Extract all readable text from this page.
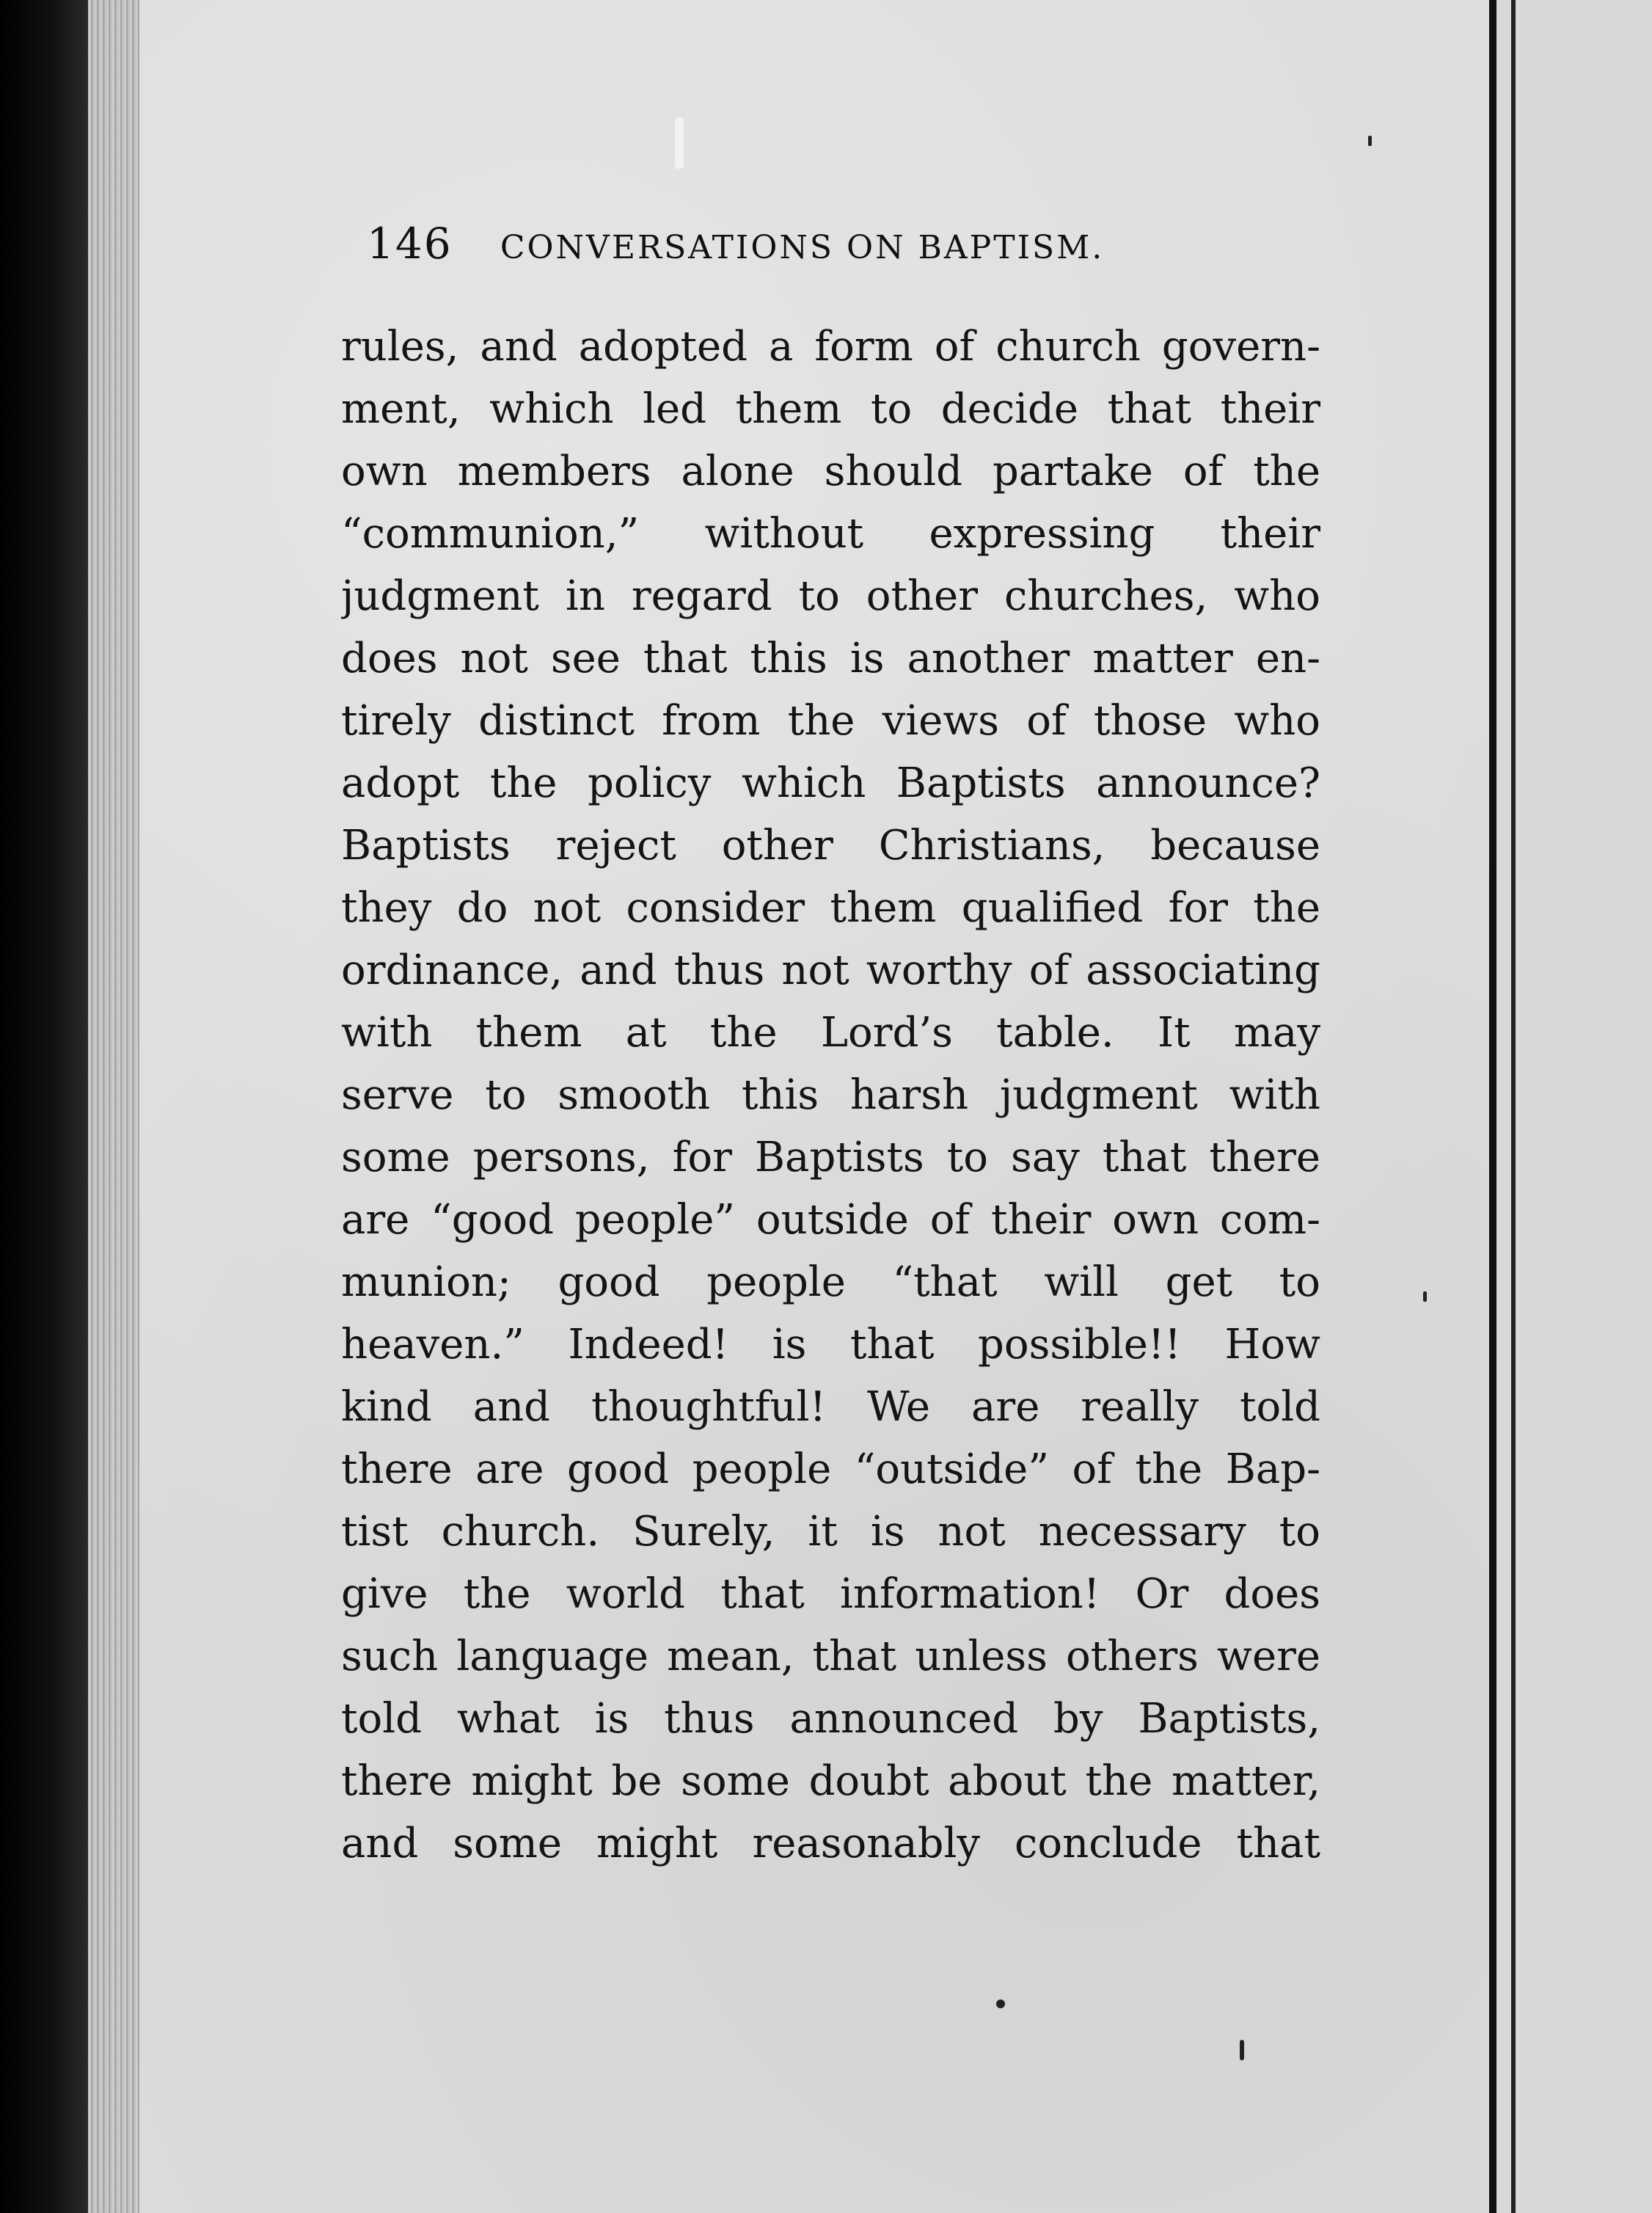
146 CONVERSATIONS ON BAPTISM.
rules, and adopted a form of church govern-
ment, which led them to decide that their
own members alone should partake of the
“communion,” without expressing their
judgment in regard to other churches, who
does not see that this is another matter en-
tirely distinct from the views of those who
adopt the policy which Baptists announce?
Baptists reject other Christians, because
they do not consider them qualified for the
ordinance, and thus not worthy of associating
with them at the Lord’s table. It may
serve to smooth this harsh judgment with
some persons, for Baptists to say that there
are “good people” outside of their own com-
munion; good people “that will get to
heaven.” Indeed! is that possible!! How
kind and thoughtful! We are really told
there are good people “outside” of the Bap-
tist church. Surely, it is not necessary to
give the world that information! Or does
such language mean, that unless others were
told what is thus announced by Baptists,
there might be some doubt about the matter,
and some might reasonably conclude that
